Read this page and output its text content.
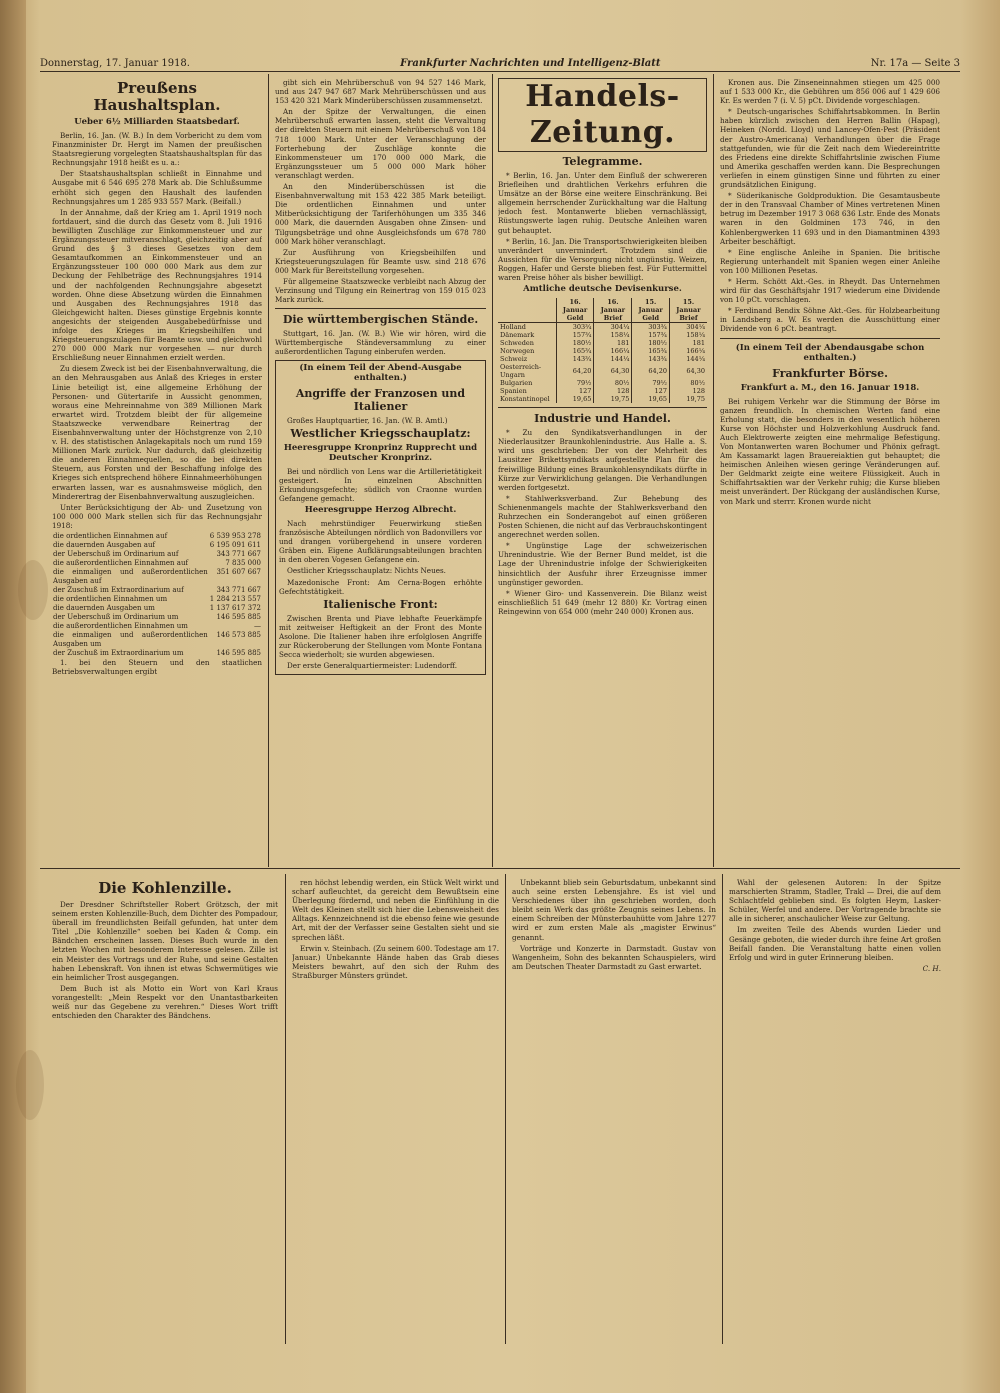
Donnerstag, 17. Januar 1918.	Frankfurter Nachrichten und Intelligenz-Blatt	Nr. 17a — Seite 3
Preußens Haushaltsplan.
Ueber 6½ Milliarden Staatsbedarf.

Berlin, 16. Jan. (W. B.) In dem Vorbericht zu dem vom Finanzminister Dr. Hergt im Namen der preußischen Staatsregierung vorgelegten Staatshaushaltsplan für das Rechnungsjahr 1918 heißt es u. a.:

Der Staatshaushaltsplan schließt in Einnahme und Ausgabe mit 6 546 695 278 Mark ab. Die Schlußsumme erhöht sich gegen den Haushalt des laufenden Rechnungsjahres um 1 285 933 557 Mark. (Beifall.)

In der Annahme, daß der Krieg am 1. April 1919 noch fortdauert, sind die durch das Gesetz vom 8. Juli 1916 bewilligten Zuschläge zur Einkommensteuer und zur Ergänzungssteuer mitveranschlagt, gleichzeitig aber auf Grund des § 3 dieses Gesetzes von dem Gesamtaufkommen an Einkommensteuer und an Ergänzungssteuer 100 000 000 Mark aus dem zur Deckung der Fehlbeträge des Rechnungsjahres 1914 und der nachfolgenden Rechnungsjahre abgesetzt worden. Ohne diese Absetzung würden die Einnahmen und Ausgaben des Rechnungsjahres 1918 das Gleichgewicht halten. Dieses günstige Ergebnis konnte angesichts der steigenden Ausgabebedürfnisse und infolge des Krieges im Kriegsbeihilfen und Kriegsteuerungszulagen für Beamte usw. und gleichwohl 270 000 000 Mark nur vorgesehen — nur durch Erschließung neuer Einnahmen erzielt werden.

Zu diesem Zweck ist bei der Eisenbahnverwaltung, die an den Mehrausgaben aus Anlaß des Krieges in erster Linie beteiligt ist, eine allgemeine Erhöhung der Personen- und Gütertarife in Aussicht genommen, woraus eine Mehreinnahme von 389 Millionen Mark erwartet wird. Trotzdem bleibt der für allgemeine Staatszwecke verwendbare Reinertrag der Eisenbahnverwaltung unter der Höchstgrenze von 2,10 v. H. des statistischen Anlagekapitals noch um rund 159 Millionen Mark zurück. Nur dadurch, daß gleichzeitig die anderen Einnahmequellen, so die bei direkten Steuern, aus Forsten und der Beschaffung infolge des Krieges sich entsprechend höhere Einnahmeerhöhungen erwarten lassen, war es ausnahmsweise möglich, den Minderertrag der Eisenbahnverwaltung auszugleichen.

Unter Berücksichtigung der Ab- und Zusetzung von 100 000 000 Mark stellen sich für das Rechnungsjahr 1918:

die ordentlichen Einnahmen auf	6 539 953 278
die dauernden Ausgaben auf	6 195 091 611
der Ueberschuß im Ordinarium auf	343 771 667
die außerordentlichen Einnahmen auf	7 835 000
die einmaligen und außerordentlichen Ausgaben auf	351 607 667
der Zuschuß im Extraordinarium auf	343 771 667
die ordentlichen Einnahmen um	1 284 213 557
die dauernden Ausgaben um	1 137 617 372
der Ueberschuß im Ordinarium um	146 595 885
die außerordentlichen Einnahmen um	—
die einmaligen und außerordentlichen Ausgaben um	146 573 885
der Zuschuß im Extraordinarium um	146 595 885

1. bei den Steuern und den staatlichen Betriebsverwaltungen ergibt

gibt sich ein Mehrüberschuß von 94 527 146 Mark, und aus 247 947 687 Mark Mehrüberschüssen und aus 153 420 321 Mark Minderüberschüssen zusammensetzt.

An der Spitze der Verwaltungen, die einen Mehrüberschuß erwarten lassen, steht die Verwaltung der direkten Steuern mit einem Mehrüberschuß von 184 718 1000 Mark. Unter der Veranschlagung der Forterhebung der Zuschläge konnte die Einkommensteuer um 170 000 000 Mark, die Ergänzungssteuer um 5 000 000 Mark höher veranschlagt werden.

An den Minderüberschüssen ist die Eisenbahnverwaltung mit 153 422 385 Mark beteiligt. Die ordentlichen Einnahmen und unter Mitberücksichtigung der Tariferhöhungen um 335 346 000 Mark, die dauernden Ausgaben ohne Zinsen- und Tilgungsbeträge und ohne Ausgleichsfonds um 678 780 000 Mark höher veranschlagt.

Zur Ausführung von Kriegsbeihilfen und Kriegsteuerungszulagen für Beamte usw. sind 218 676 000 Mark für Bereitstellung vorgesehen.

Für allgemeine Staatszwecke verbleibt nach Abzug der Verzinsung und Tilgung ein Reinertrag von 159 015 023 Mark zurück.

Die württembergischen Stände.

Stuttgart, 16. Jan. (W. B.) Wie wir hören, wird die Württembergische Ständeversammlung zu einer außerordentlichen Tagung einberufen werden.

(In einem Teil der Abend-Ausgabe enthalten.)
Angriffe der Franzosen und Italiener

Großes Hauptquartier, 16. Jan. (W. B. Amtl.)

Westlicher Kriegsschauplatz:
Heeresgruppe Kronprinz Rupprecht und Deutscher Kronprinz.

Bei und nördlich von Lens war die Artillerietätigkeit gesteigert. In einzelnen Abschnitten Erkundungsgefechte; südlich von Craonne wurden Gefangene gemacht.

Heeresgruppe Herzog Albrecht.

Nach mehrstündiger Feuerwirkung stießen französische Abteilungen nördlich von Badonvillers vor und drangen vorübergehend in unsere vorderen Gräben ein. Eigene Aufklärungsabteilungen brachten in den oberen Vogesen Gefangene ein.

Oestlicher Kriegsschauplatz: Nichts Neues.

Mazedonische Front: Am Cerna-Bogen erhöhte Gefechtstätigkeit.

Italienische Front:

Zwischen Brenta und Piave lebhafte Feuerkämpfe mit zeitweiser Heftigkeit an der Front des Monte Asolone. Die Italiener haben ihre erfolglosen Angriffe zur Rückeroberung der Stellungen vom Monte Fontana Secca wiederholt; sie wurden abgewiesen.

Der erste Generalquartiermeister: Ludendorff.

Handels-Zeitung.
Telegramme.

* Berlin, 16. Jan. Unter dem Einfluß der schwereren Briefleihen und drahtlichen Verkehrs erfuhren die Umsätze an der Börse eine weitere Einschränkung. Bei allgemein herrschender Zurückhaltung war die Haltung jedoch fest. Montanwerte blieben vernachlässigt, Rüstungswerte lagen ruhig. Deutsche Anleihen waren gut behauptet.

* Berlin, 16. Jan. Die Transportschwierigkeiten bleiben unverändert unvermindert. Trotzdem sind die Aussichten für die Versorgung nicht ungünstig. Weizen, Roggen, Hafer und Gerste blieben fest. Für Futtermittel waren Preise höher als bisher bewilligt.

Amtliche deutsche Devisenkurse.
	16. Januar Geld	16. Januar Brief	15. Januar Geld	15. Januar Brief
Holland	303¾	304¼	303¾	304¼
Dänemark	157¾	158¼	157¾	158¼
Schweden	180½	181	180½	181
Norwegen	165¾	166¼	165¾	166¼
Schweiz	143¾	144¼	143¾	144¼
Oesterreich-Ungarn	64,20	64,30	64,20	64,30
Bulgarien	79½	80½	79½	80½
Spanien	127	128	127	128
Konstantinopel	19,65	19,75	19,65	19,75
Industrie und Handel.

* Zu den Syndikatsverhandlungen in der Niederlausitzer Braunkohlenindustrie. Aus Halle a. S. wird uns geschrieben: Der von der Mehrheit des Lausitzer Brikettsyndikats aufgestellte Plan für die freiwillige Bildung eines Braunkohlensyndikats dürfte in Kürze zur Verwirklichung gelangen. Die Verhandlungen werden fortgesetzt.

* Stahlwerksverband. Zur Behebung des Schienenmangels machte der Stahlwerksverband den Ruhrzechen ein Sonderangebot auf einen größeren Posten Schienen, die nicht auf das Verbrauchskontingent angerechnet werden sollen.

* Ungünstige Lage der schweizerischen Uhrenindustrie. Wie der Berner Bund meldet, ist die Lage der Uhrenindustrie infolge der Schwierigkeiten hinsichtlich der Ausfuhr ihrer Erzeugnisse immer ungünstiger geworden.

* Wiener Giro- und Kassenverein. Die Bilanz weist einschließlich 51 649 (mehr 12 880) Kr. Vortrag einen Reingewinn von 654 000 (mehr 240 000) Kronen aus.

Kronen aus. Die Zinseneinnahmen stiegen um 425 000 auf 1 533 000 Kr., die Gebühren um 856 006 auf 1 429 606 Kr. Es werden 7 (i. V. 5) pCt. Dividende vorgeschlagen.

* Deutsch-ungarisches Schiffahrtsabkommen. In Berlin haben kürzlich zwischen den Herren Ballin (Hapag), Heineken (Nordd. Lloyd) und Lancey-Ofen-Pest (Präsident der Austro-Americana) Verhandlungen über die Frage stattgefunden, wie für die Zeit nach dem Wiedereintritte des Friedens eine direkte Schiffahrtslinie zwischen Fiume und Amerika geschaffen werden kann. Die Besprechungen verliefen in einem günstigen Sinne und führten zu einer grundsätzlichen Einigung.

* Süderikanische Goldproduktion. Die Gesamtausbeute der in den Transvaal Chamber of Mines vertretenen Minen betrug im Dezember 1917 3 068 636 Lstr. Ende des Monats waren in den Goldminen 173 746, in den Kohlenbergwerken 11 693 und in den Diamantminen 4393 Arbeiter beschäftigt.

* Eine englische Anleihe in Spanien. Die britische Regierung unterhandelt mit Spanien wegen einer Anleihe von 100 Millionen Pesetas.

* Herm. Schött Akt.-Ges. in Rheydt. Das Unternehmen wird für das Geschäftsjahr 1917 wiederum eine Dividende von 10 pCt. vorschlagen.

* Ferdinand Bendix Söhne Akt.-Ges. für Holzbearbeitung in Landsberg a. W. Es werden die Ausschüttung einer Dividende von 6 pCt. beantragt.

(In einem Teil der Abendausgabe schon enthalten.)
Frankfurter Börse.
Frankfurt a. M., den 16. Januar 1918.

Bei ruhigem Verkehr war die Stimmung der Börse im ganzen freundlich. In chemischen Werten fand eine Erholung statt, die besonders in den wesentlich höheren Kurse von Höchster und Holzverkohlung Ausdruck fand. Auch Elektrowerte zeigten eine mehrmalige Befestigung. Von Montanwerten waren Bochumer und Phönix gefragt. Am Kassamarkt lagen Brauereiaktien gut behauptet; die heimischen Anleihen wiesen geringe Veränderungen auf. Der Geldmarkt zeigte eine weitere Flüssigkeit. Auch in Schiffahrtsaktien war der Verkehr ruhig; die Kurse blieben meist unverändert. Der Rückgang der ausländischen Kurse, von Mark und sterrr. Kronen wurde nicht

Die Kohlenzille.

Der Dresdner Schriftsteller Robert Grötzsch, der mit seinem ersten Kohlenzille-Buch, dem Dichter des Pompadour, überall im freundlichsten Beifall gefunden, hat unter dem Titel „Die Kohlenzille“ soeben bei Kaden & Comp. ein Bändchen erscheinen lassen. Dieses Buch wurde in den letzten Wochen mit besonderem Interesse gelesen. Zille ist ein Meister des Vortrags und der Ruhe, und seine Gestalten haben Lebenskraft. Von ihnen ist etwas Schwermütiges wie ein heimlicher Trost ausgegangen.

Dem Buch ist als Motto ein Wort von Karl Kraus vorangestellt: „Mein Respekt vor den Unantastbarkeiten weiß nur das Gegebene zu verehren.“ Dieses Wort trifft entschieden den Charakter des Bändchens.

ren höchst lebendig werden, ein Stück Welt wirkt und scharf aufleuchtet, da gereicht dem Bewußtsein eine Überlegung fördernd, und neben die Einfühlung in die Welt des Kleinen stellt sich hier die Lebensweisheit des Alltags. Kennzeichnend ist die ebenso feine wie gesunde Art, mit der der Verfasser seine Gestalten sieht und sie sprechen läßt.

Erwin v. Steinbach. (Zu seinem 600. Todestage am 17. Januar.) Unbekannte Hände haben das Grab dieses Meisters bewahrt, auf den sich der Ruhm des Straßburger Münsters gründet.

Unbekannt blieb sein Geburtsdatum, unbekannt sind auch seine ersten Lebensjahre. Es ist viel und Verschiedenes über ihn geschrieben worden, doch bleibt sein Werk das größte Zeugnis seines Lebens. In einem Schreiben der Münsterbauhütte vom Jahre 1277 wird er zum ersten Male als „magister Erwinus“ genannt.

Vorträge und Konzerte in Darmstadt. Gustav von Wangenheim, Sohn des bekannten Schauspielers, wird am Deutschen Theater Darmstadt zu Gast erwartet.

Wahl der gelesenen Autoren: In der Spitze marschierten Stramm, Stadler, Trakl — Drei, die auf dem Schlachtfeld geblieben sind. Es folgten Heym, Lasker-Schüler, Werfel und andere. Der Vortragende brachte sie alle in sicherer, anschaulicher Weise zur Geltung.

Im zweiten Teile des Abends wurden Lieder und Gesänge geboten, die wieder durch ihre feine Art großen Beifall fanden. Die Veranstaltung hatte einen vollen Erfolg und wird in guter Erinnerung bleiben.

C. H.
